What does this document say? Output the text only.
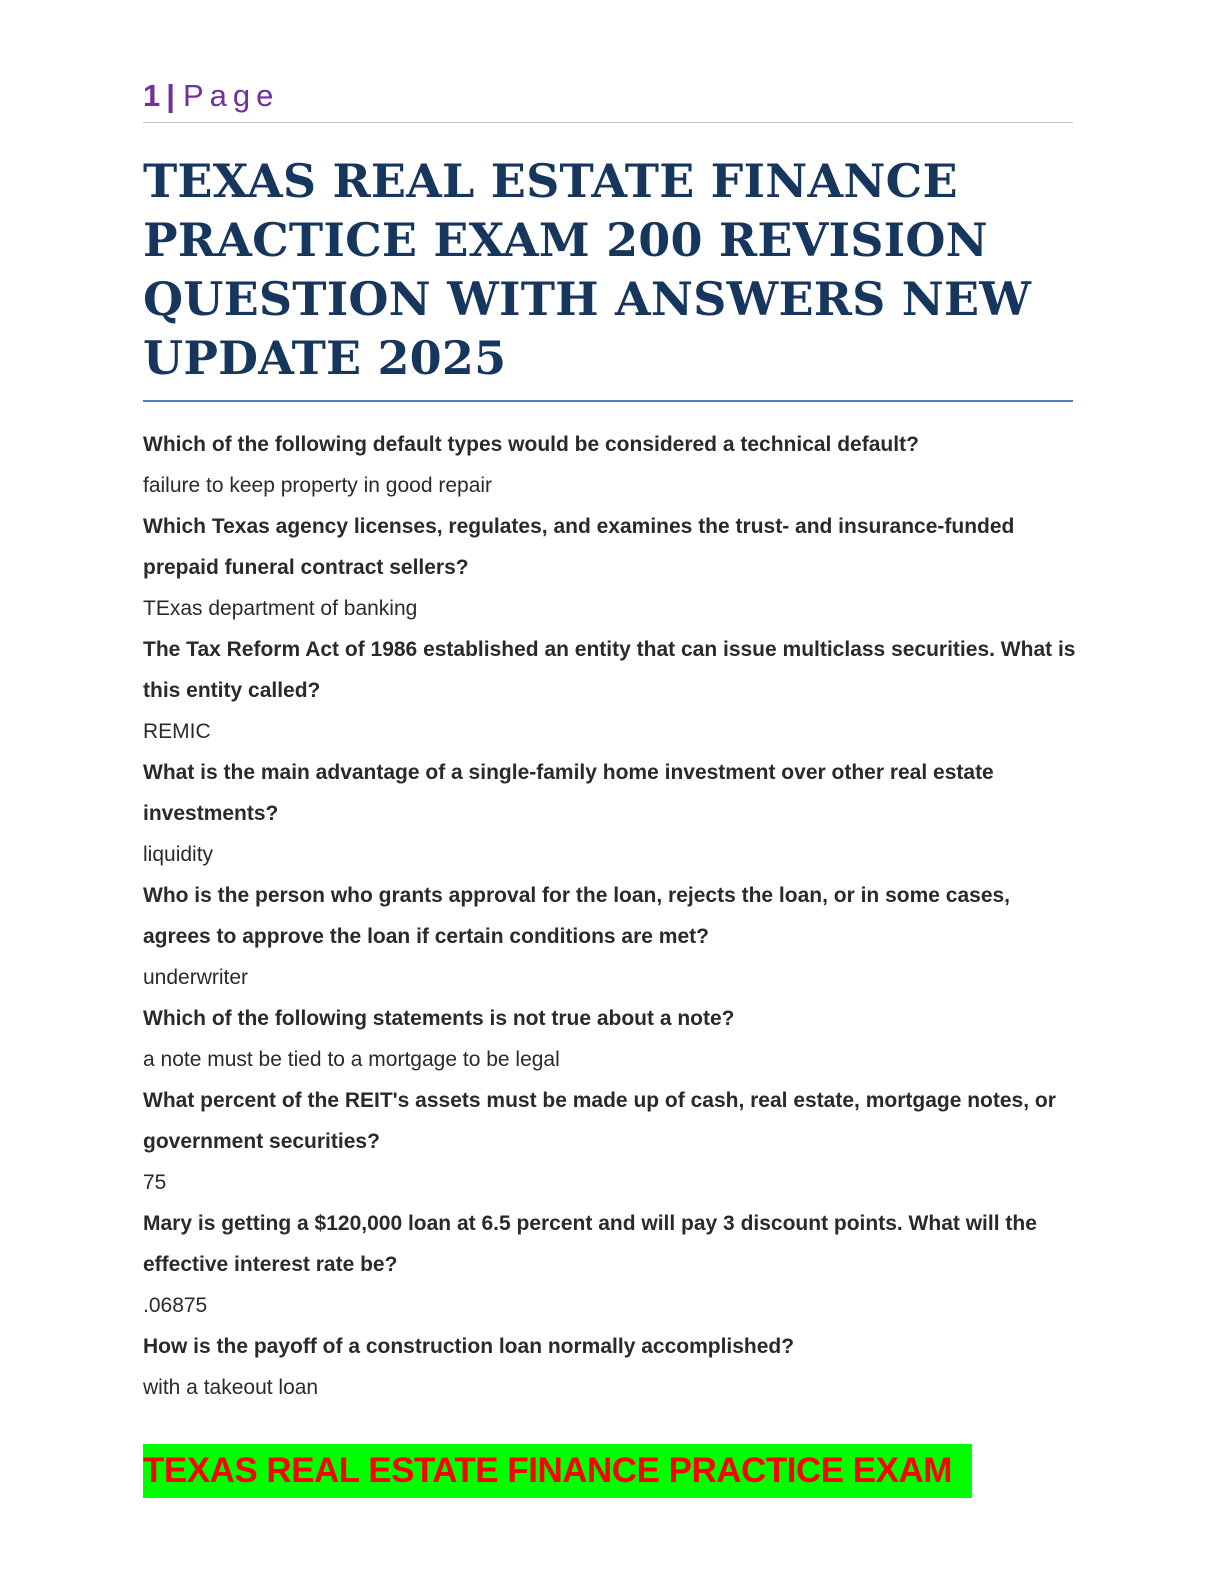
1 | Page
TEXAS REAL ESTATE FINANCE PRACTICE EXAM 200 REVISION QUESTION WITH ANSWERS NEW UPDATE 2025

Which of the following default types would be considered a technical default?

failure to keep property in good repair

Which Texas agency licenses, regulates, and examines the trust- and insurance-funded prepaid funeral contract sellers?

TExas department of banking

The Tax Reform Act of 1986 established an entity that can issue multiclass securities. What is this entity called?

REMIC

What is the main advantage of a single-family home investment over other real estate investments?

liquidity

Who is the person who grants approval for the loan, rejects the loan, or in some cases, agrees to approve the loan if certain conditions are met?

underwriter

Which of the following statements is not true about a note?

a note must be tied to a mortgage to be legal

What percent of the REIT's assets must be made up of cash, real estate, mortgage notes, or government securities?

75

Mary is getting a $120,000 loan at 6.5 percent and will pay 3 discount points. What will the effective interest rate be?

.06875

How is the payoff of a construction loan normally accomplished?

with a takeout loan

TEXAS REAL ESTATE FINANCE PRACTICE EXAM
